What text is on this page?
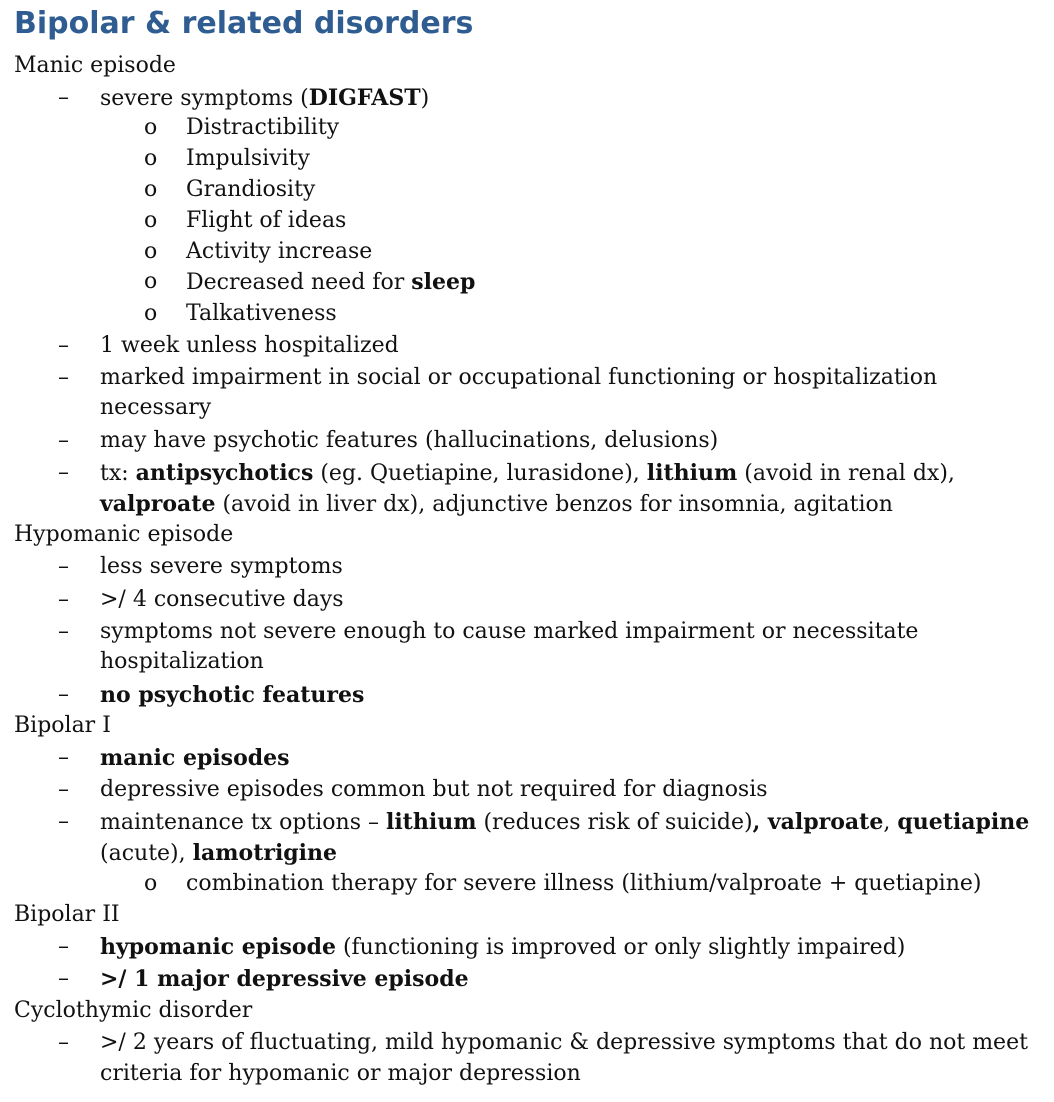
Bipolar & related disorders
Manic episode
– severe symptoms (DIGFAST)
o Distractibility
o Impulsivity
o Grandiosity
o Flight of ideas
o Activity increase
o Decreased need for sleep
o Talkativeness
– 1 week unless hospitalized
– marked impairment in social or occupational functioning or hospitalization
necessary
– may have psychotic features (hallucinations, delusions)
– tx: antipsychotics (eg. Quetiapine, lurasidone), lithium (avoid in renal dx),
valproate (avoid in liver dx), adjunctive benzos for insomnia, agitation
Hypomanic episode
– less severe symptoms
– >/ 4 consecutive days
– symptoms not severe enough to cause marked impairment or necessitate
hospitalization
– no psychotic features
Bipolar I
– manic episodes
– depressive episodes common but not required for diagnosis
– maintenance tx options – lithium (reduces risk of suicide), valproate, quetiapine
(acute), lamotrigine
o combination therapy for severe illness (lithium/valproate + quetiapine)
Bipolar II
– hypomanic episode (functioning is improved or only slightly impaired)
– >/ 1 major depressive episode
Cyclothymic disorder
– >/ 2 years of fluctuating, mild hypomanic & depressive symptoms that do not meet
criteria for hypomanic or major depression
